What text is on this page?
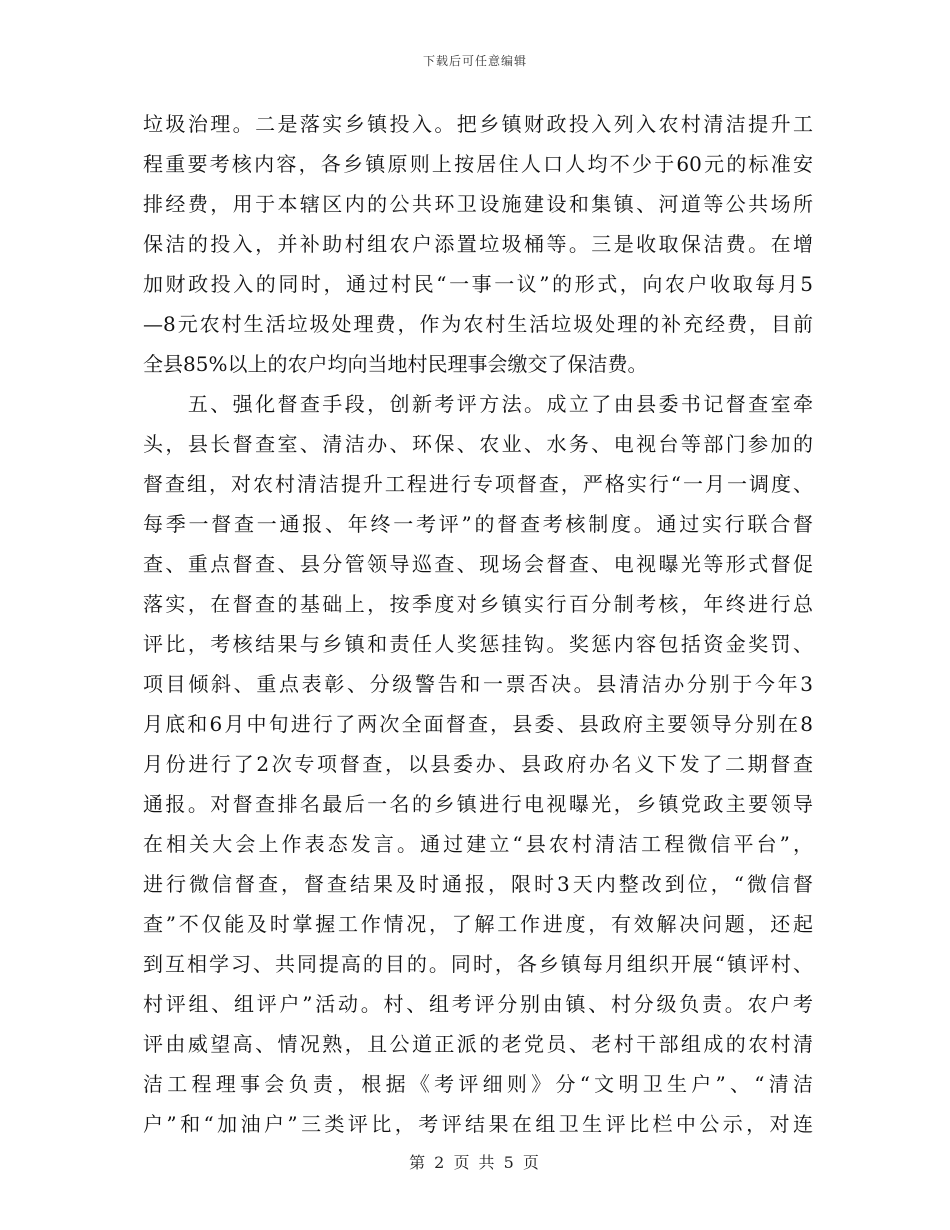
下载后可任意编辑
垃圾治理。二是落实乡镇投入。把乡镇财政投入列入农村清洁提升工
程重要考核内容，各乡镇原则上按居住人口人均不少于60元的标准安
排经费，用于本辖区内的公共环卫设施建设和集镇、河道等公共场所
保洁的投入，并补助村组农户添置垃圾桶等。三是收取保洁费。在增
加财政投入的同时，通过村民“一事一议”的形式，向农户收取每月5
—8元农村生活垃圾处理费，作为农村生活垃圾处理的补充经费，目前
全县85%以上的农户均向当地村民理事会缴交了保洁费。
　　五、强化督查手段，创新考评方法。成立了由县委书记督查室牵
头，县长督查室、清洁办、环保、农业、水务、电视台等部门参加的
督查组，对农村清洁提升工程进行专项督查，严格实行“一月一调度、
每季一督查一通报、年终一考评”的督查考核制度。通过实行联合督
查、重点督查、县分管领导巡查、现场会督查、电视曝光等形式督促
落实，在督查的基础上，按季度对乡镇实行百分制考核，年终进行总
评比，考核结果与乡镇和责任人奖惩挂钩。奖惩内容包括资金奖罚、
项目倾斜、重点表彰、分级警告和一票否决。县清洁办分别于今年3
月底和6月中旬进行了两次全面督查，县委、县政府主要领导分别在8
月份进行了2次专项督查，以县委办、县政府办名义下发了二期督查
通报。对督查排名最后一名的乡镇进行电视曝光，乡镇党政主要领导
在相关大会上作表态发言。通过建立“县农村清洁工程微信平台”，
进行微信督查，督查结果及时通报，限时3天内整改到位，“微信督
查”不仅能及时掌握工作情况，了解工作进度，有效解决问题，还起
到互相学习、共同提高的目的。同时，各乡镇每月组织开展“镇评村、
村评组、组评户”活动。村、组考评分别由镇、村分级负责。农户考
评由威望高、情况熟，且公道正派的老党员、老村干部组成的农村清
洁工程理事会负责，根据《考评细则》分“文明卫生户”、“清洁
户”和“加油户”三类评比，考评结果在组卫生评比栏中公示，对连
第 2 页 共 5 页
